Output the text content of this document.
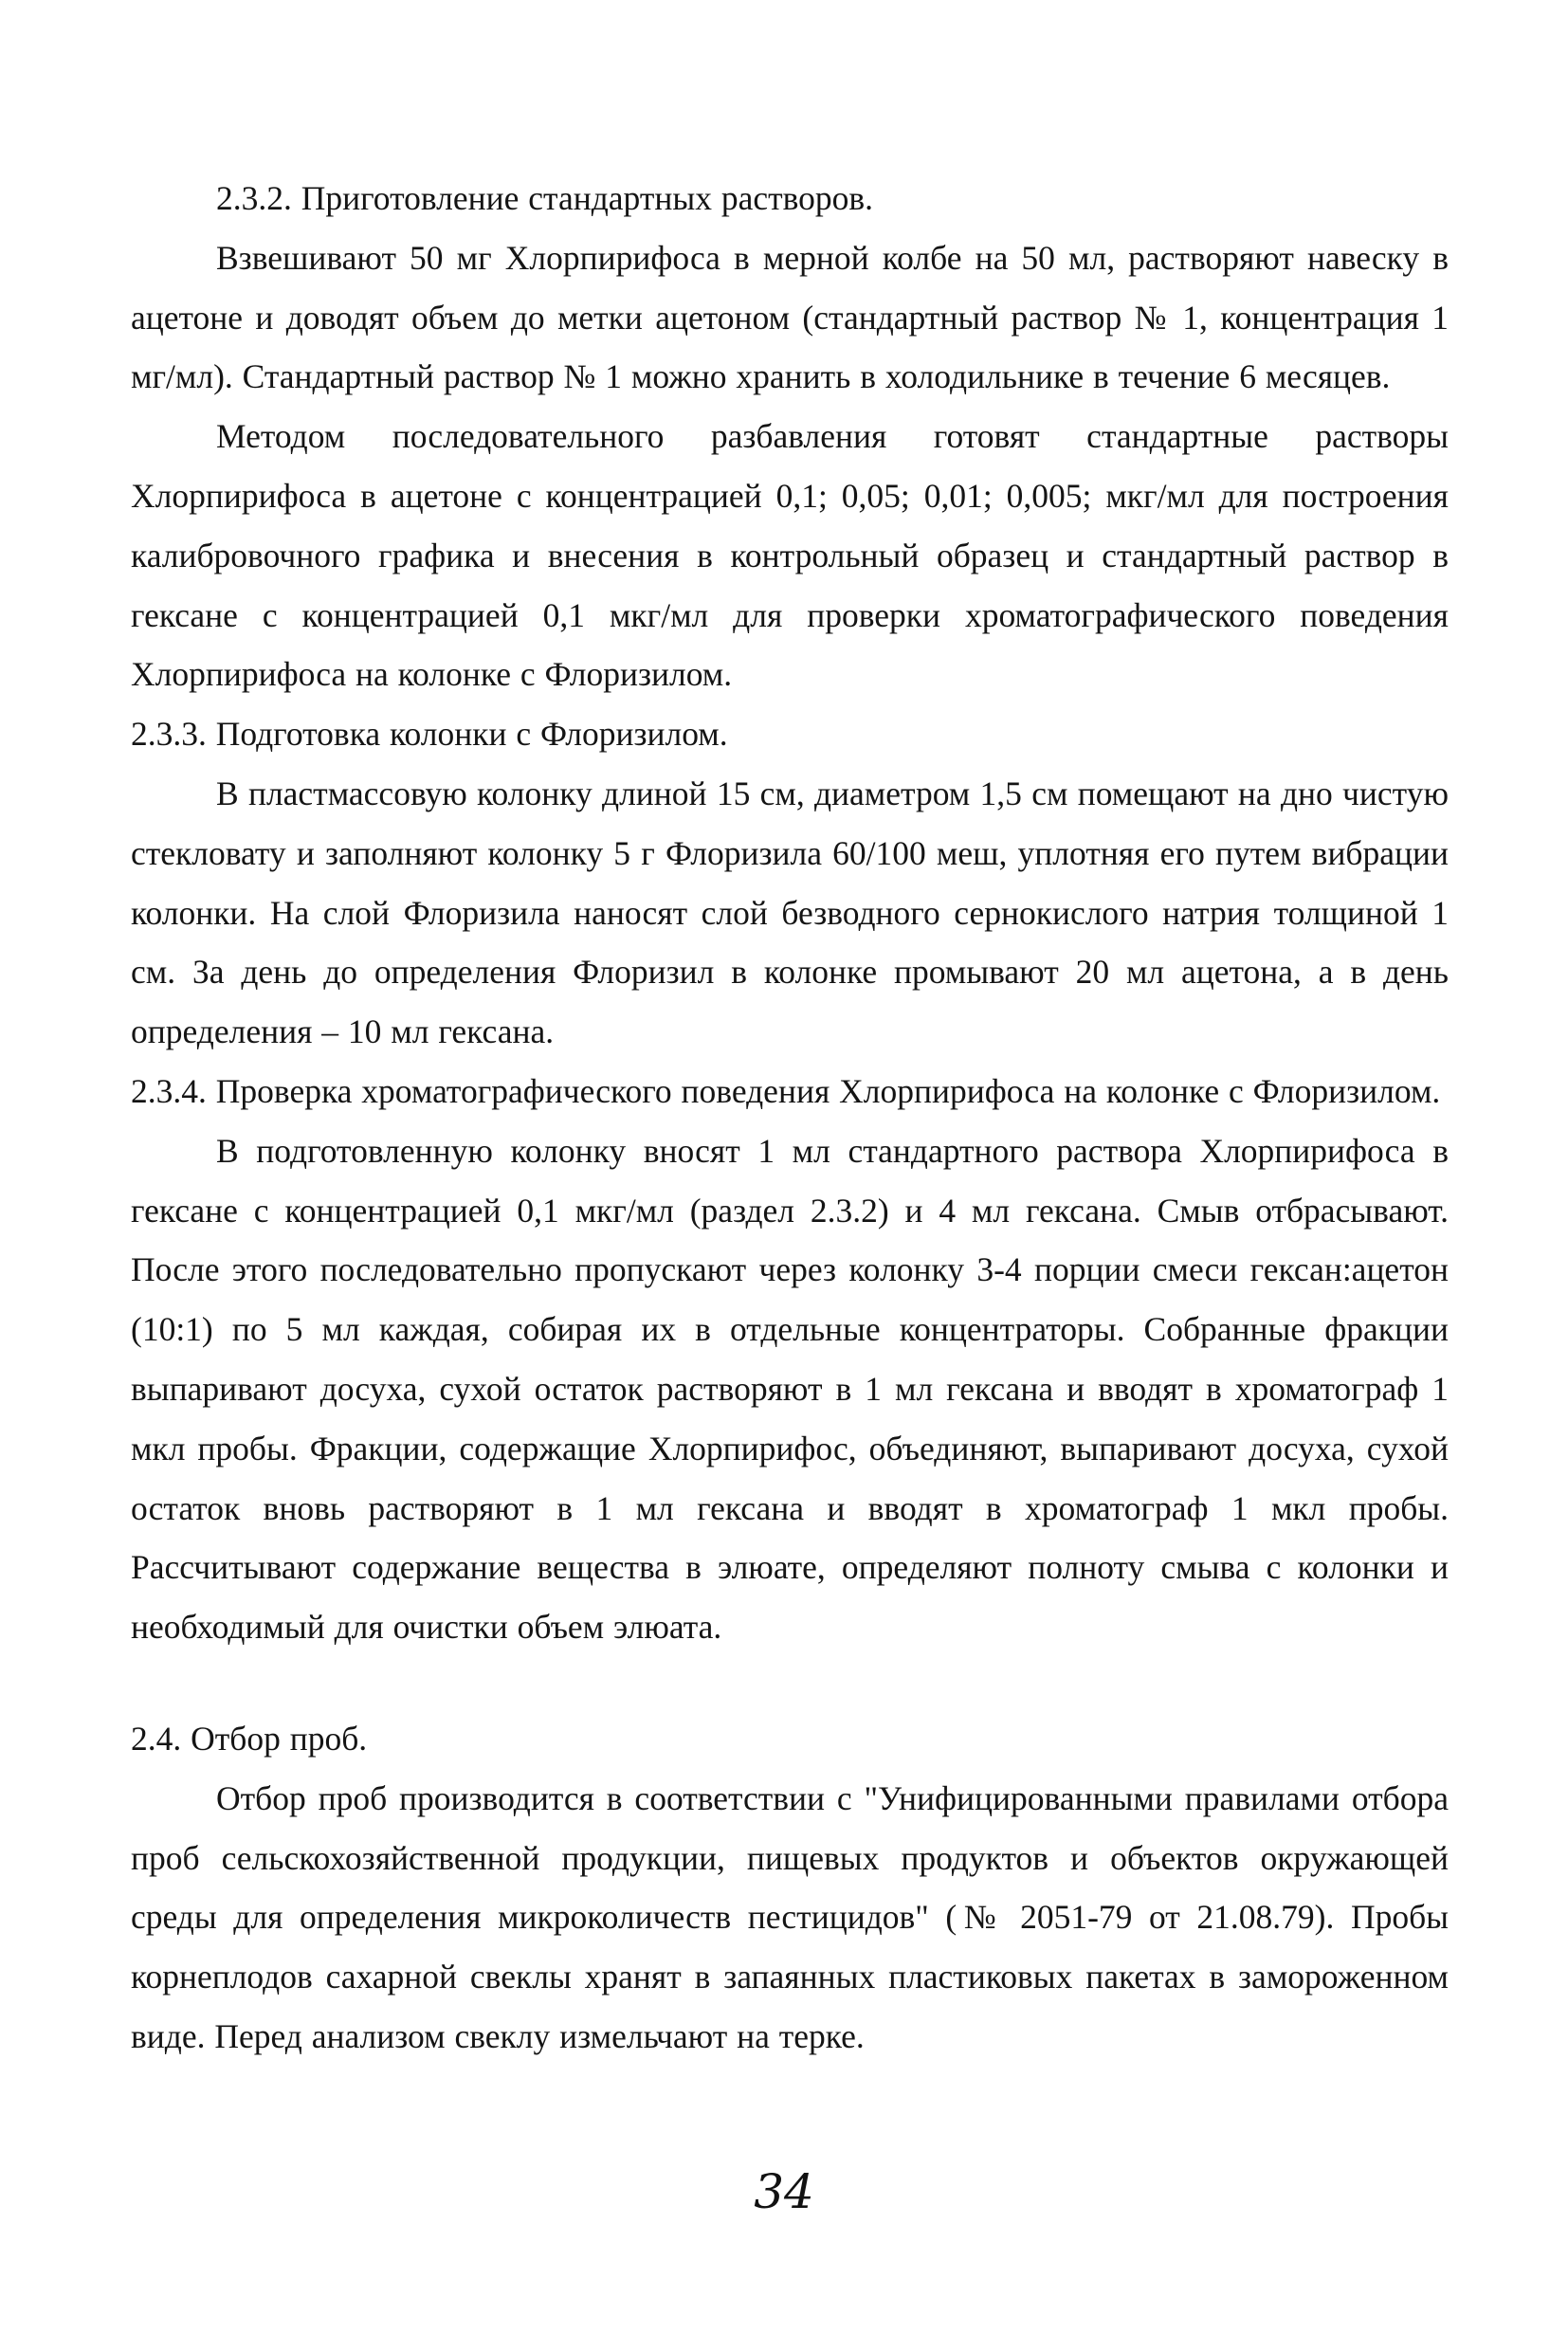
2.3.2. Приготовление стандартных растворов.

Взвешивают 50 мг Хлорпирифоса в мерной колбе на 50 мл, растворяют навеску в ацетоне и доводят объем до метки ацетоном (стандартный раствор № 1, концентрация 1 мг/мл). Стандартный раствор № 1 можно хранить в холодильнике в течение 6 месяцев.

Методом последовательного разбавления готовят стандартные растворы Хлорпирифоса в ацетоне с концентрацией 0,1; 0,05; 0,01; 0,005; мкг/мл для построения калибровочного графика и внесения в контрольный образец и стандартный раствор в гексане с концентрацией 0,1 мкг/мл для проверки хроматографического поведения Хлорпирифоса на колонке с Флоризилом.

2.3.3. Подготовка колонки с Флоризилом.

В пластмассовую колонку длиной 15 см, диаметром 1,5 см помещают на дно чистую стекловату и заполняют колонку 5 г Флоризила 60/100 меш, уплотняя его путем вибрации колонки. На слой Флоризила наносят слой безводного сернокислого натрия толщиной 1 см. За день до определения Флоризил в колонке промывают 20 мл ацетона, а в день определения – 10 мл гексана.

2.3.4. Проверка хроматографического поведения Хлорпирифоса на колонке с Флоризилом.

В подготовленную колонку вносят 1 мл стандартного раствора Хлорпирифоса в гексане с концентрацией 0,1 мкг/мл (раздел 2.3.2) и 4 мл гексана. Смыв отбрасывают. После этого последовательно пропускают через колонку 3-4 порции смеси гексан:ацетон (10:1) по 5 мл каждая, собирая их в отдельные концентраторы. Собранные фракции выпаривают досуха, сухой остаток растворяют в 1 мл гексана и вводят в хроматограф 1 мкл пробы. Фракции, содержащие Хлорпирифос, объединяют, выпаривают досуха, сухой остаток вновь растворяют в 1 мл гексана и вводят в хроматограф 1 мкл пробы. Рассчитывают содержание вещества в элюате, определяют полноту смыва с колонки и необходимый для очистки объем элюата.

2.4. Отбор проб.

Отбор проб производится в соответствии с "Унифицированными правилами отбора проб сельскохозяйственной продукции, пищевых продуктов и объектов окружающей среды для определения микроколичеств пестицидов" (№ 2051-79 от 21.08.79). Пробы корнеплодов сахарной свеклы хранят в запаянных пластиковых пакетах в замороженном виде. Перед анализом свеклу измельчают на терке.

34
